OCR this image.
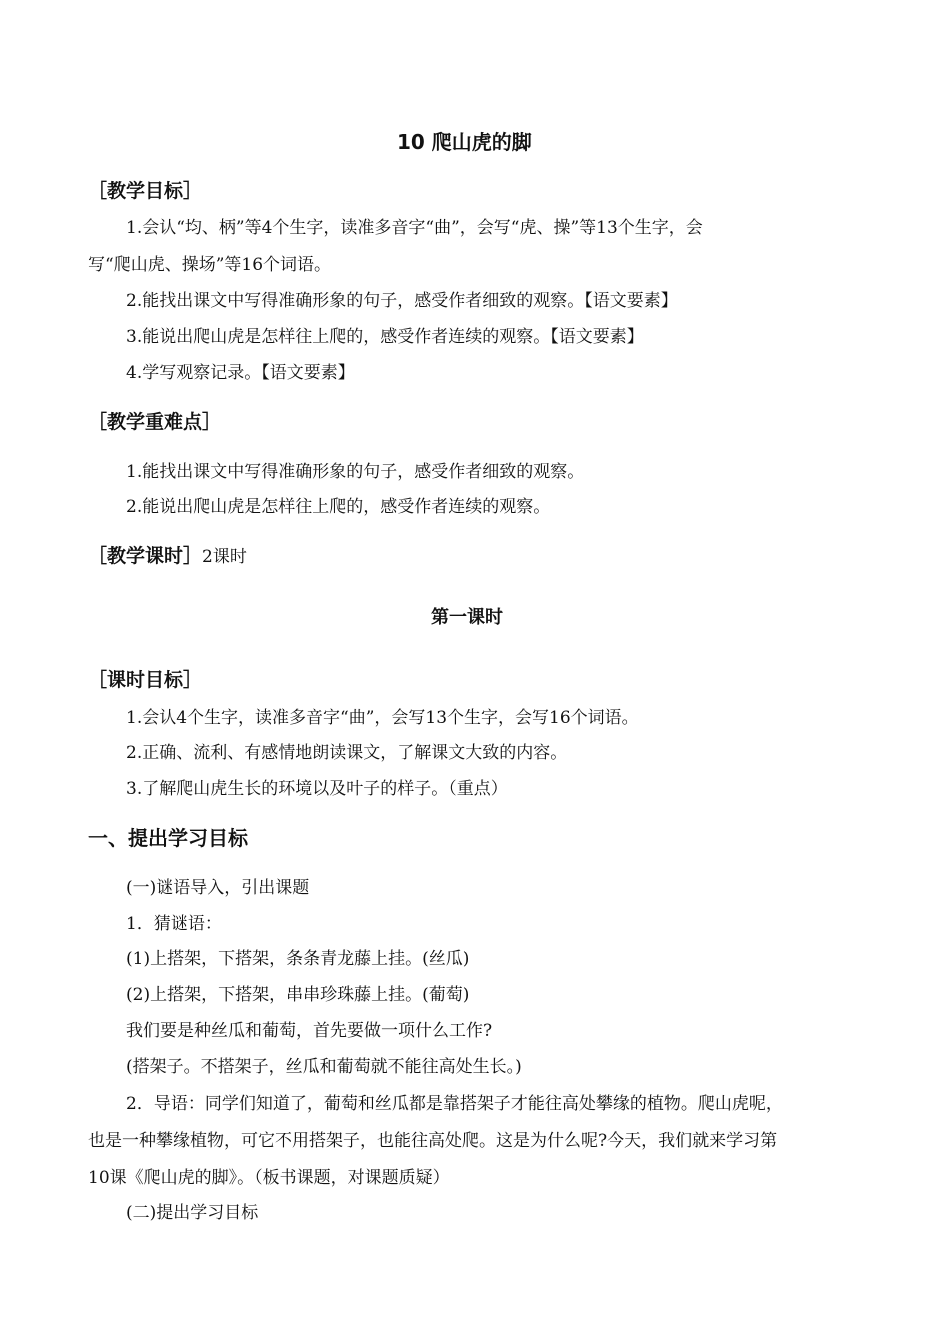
10 爬山虎的脚
［教学目标］
1.会认“均、柄”等4个生字，读准多音字“曲”，会写“虎、操”等13个生字，会
写“爬山虎、操场”等16个词语。
2.能找出课文中写得准确形象的句子，感受作者细致的观察。【语文要素】
3.能说出爬山虎是怎样往上爬的，感受作者连续的观察。【语文要素】
4.学写观察记录。【语文要素】
［教学重难点］
1.能找出课文中写得准确形象的句子，感受作者细致的观察。
2.能说出爬山虎是怎样往上爬的，感受作者连续的观察。
［教学课时］2课时
第一课时
［课时目标］
1.会认4个生字，读准多音字“曲”，会写13个生字，会写16个词语。
2.正确、流利、有感情地朗读课文，了解课文大致的内容。
3.了解爬山虎生长的环境以及叶子的样子。（重点）
一、提出学习目标
(一)谜语导入，引出课题
1．猜谜语：
(1)上搭架，下搭架，条条青龙藤上挂。(丝瓜)
(2)上搭架，下搭架，串串珍珠藤上挂。(葡萄)
我们要是种丝瓜和葡萄，首先要做一项什么工作?
(搭架子。不搭架子，丝瓜和葡萄就不能往高处生长。)
2．导语：同学们知道了，葡萄和丝瓜都是靠搭架子才能往高处攀缘的植物。爬山虎呢，
也是一种攀缘植物，可它不用搭架子，也能往高处爬。这是为什么呢?今天，我们就来学习第
10课《爬山虎的脚》。（板书课题，对课题质疑）
(二)提出学习目标
